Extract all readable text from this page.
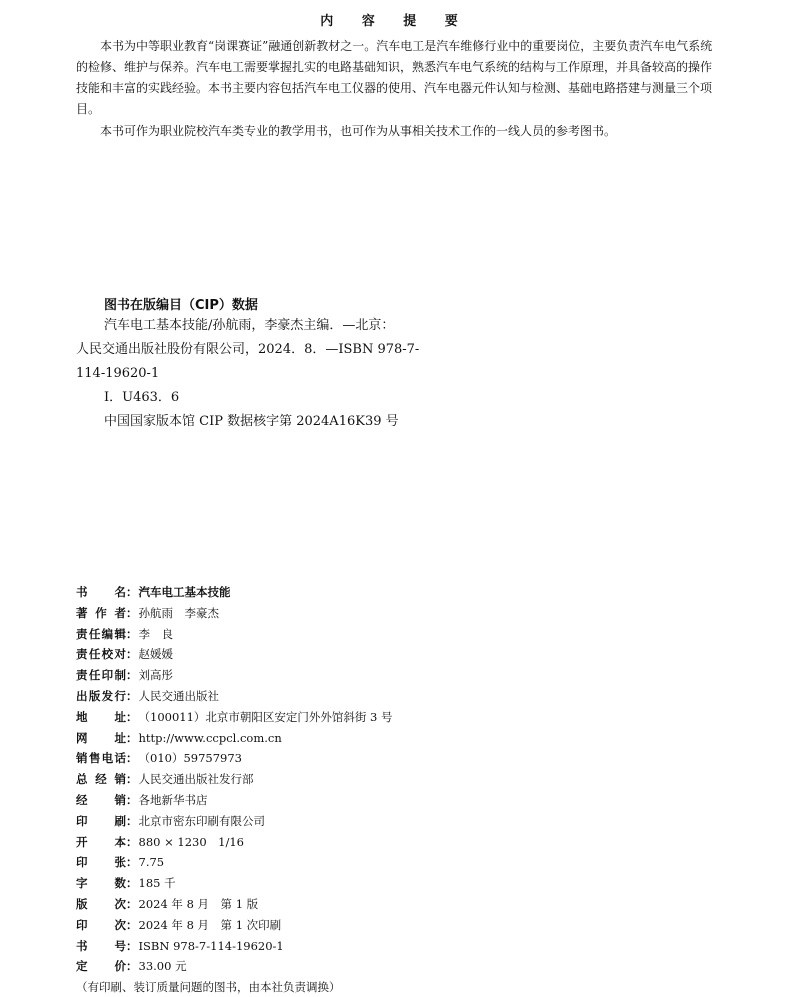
内 容 提 要
本书为中等职业教育“岗课赛证”融通创新教材之一。汽车电工是汽车维修行业中的重要岗位，主要负责汽车电气系统的检修、维护与保养。汽车电工需要掌握扎实的电路基础知识，熟悉汽车电气系统的结构与工作原理，并具备较高的操作技能和丰富的实践经验。本书主要内容包括汽车电工仪器的使用、汽车电器元件认知与检测、基础电路搭建与测量三个项目。
本书可作为职业院校汽车类专业的教学用书，也可作为从事相关技术工作的一线人员的参考图书。
图书在版编目（CIP）数据
汽车电工基本技能/孙航雨，李豪杰主编．—北京：
人民交通出版社股份有限公司，2024．8．—ISBN 978-7-
114-19620-1
Ⅰ．U463．6
中国国家版本馆 CIP 数据核字第 2024A16K39 号
书名 ： 汽车电工基本技能
著作者 ： 孙航雨　李豪杰
责任编辑 ： 李　良
责任校对 ： 赵媛媛
责任印制 ： 刘高彤
出版发行 ： 人民交通出版社
地址 ： （100011）北京市朝阳区安定门外外馆斜街 3 号
网址 ： http://www.ccpcl.com.cn
销售电话 ： （010）59757973
总经销 ： 人民交通出版社发行部
经销 ： 各地新华书店
印刷 ： 北京市密东印刷有限公司
开本 ： 880 × 1230　1/16
印张 ： 7.75
字数 ： 185 千
版次 ： 2024 年 8 月　第 1 版
印次 ： 2024 年 8 月　第 1 次印刷
书号 ： ISBN 978-7-114-19620-1
定价 ： 33.00 元
（有印刷、装订质量问题的图书，由本社负责调换）
